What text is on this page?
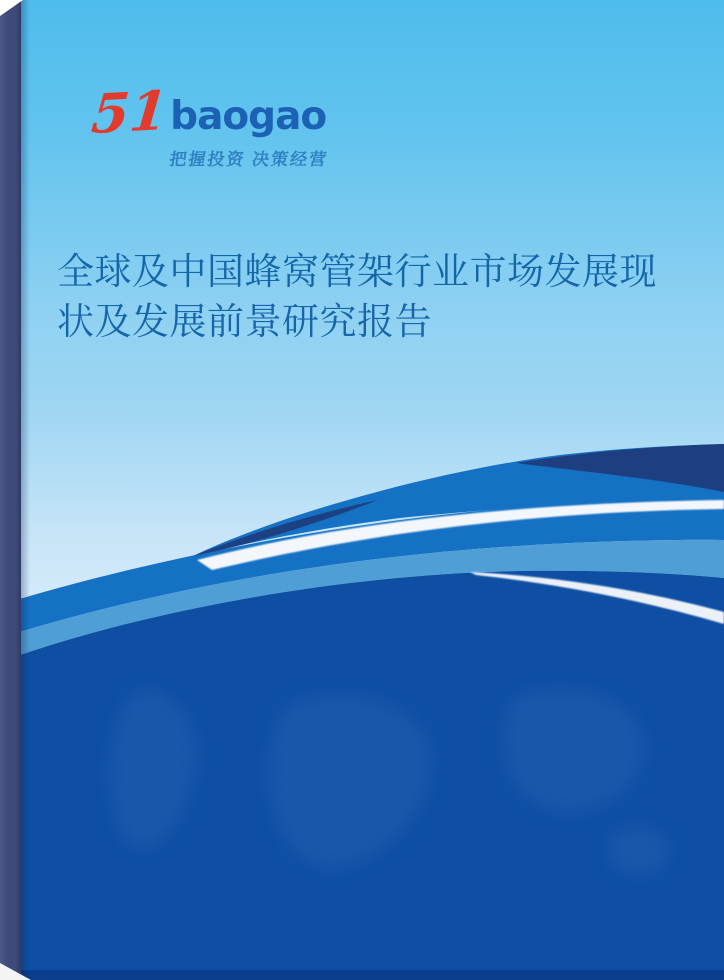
51 baogao
把握投资 决策经营
全球及中国蜂窝管架行业市场发展现
状及发展前景研究报告
